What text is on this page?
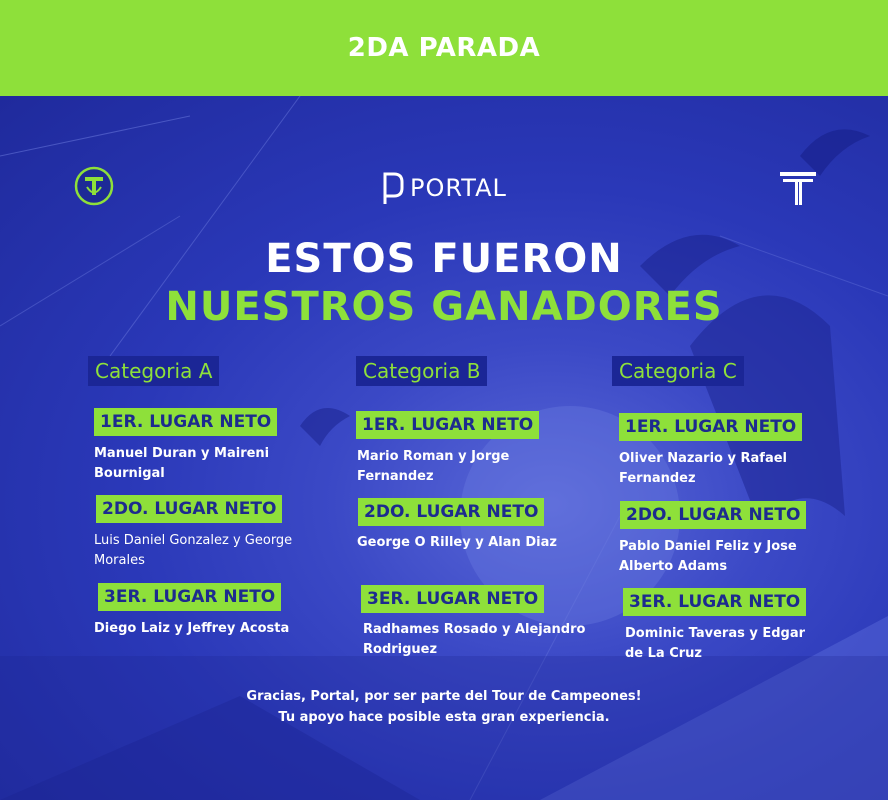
2DA PARADA
PORTAL
ESTOS FUERON
NUESTROS GANADORES
Categoria A
1ER. LUGAR NETO
Manuel Duran y Maireni Bournigal
2DO. LUGAR NETO
Luis Daniel Gonzalez y George Morales
3ER. LUGAR NETO
Diego Laiz y Jeffrey Acosta
Categoria B
1ER. LUGAR NETO
Mario Roman y Jorge Fernandez
2DO. LUGAR NETO
George O Rilley y Alan Diaz
3ER. LUGAR NETO
Radhames Rosado y Alejandro Rodriguez
Categoria C
1ER. LUGAR NETO
Oliver Nazario y Rafael Fernandez
2DO. LUGAR NETO
Pablo Daniel Feliz y Jose Alberto Adams
3ER. LUGAR NETO
Dominic Taveras y Edgar de La Cruz
Gracias, Portal, por ser parte del Tour de Campeones!
Tu apoyo hace posible esta gran experiencia.
